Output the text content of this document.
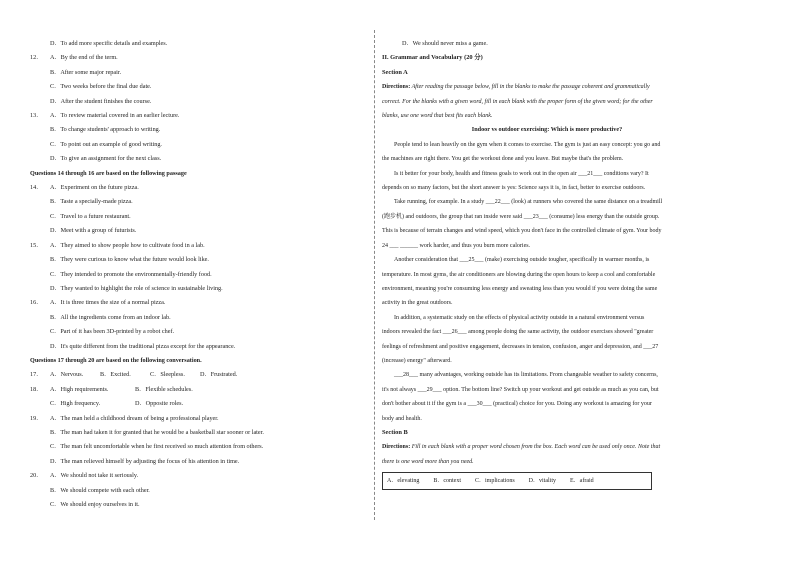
D．To add more specific details and examples.
12． A．By the end of the term.
B．After some major repair.
C．Two weeks before the final due date.
D．After the student finishes the course.
13． A．To review material covered in an earlier lecture.
B．To change students' approach to writing.
C．To point out an example of good writing.
D．To give an assignment for the next class.
Questions 14 through 16 are based on the following passage
14． A．Experiment on the future pizza.
B．Taste a specially-made pizza.
C．Travel to a future restaurant.
D．Meet with a group of futurists.
15． A．They aimed to show people how to cultivate food in a lab.
B．They were curious to know what the future would look like.
C．They intended to promote the environmentally-friendly food.
D．They wanted to highlight the role of science in sustainable living.
16． A．It is three times the size of a normal pizza.
B．All the ingredients come from an indoor lab.
C．Part of it has been 3D-printed by a robot chef.
D．It's quite different from the traditional pizza except for the appearance.
Questions 17 through 20 are based on the following conversation.
17． A．Nervous.	B．Excited.	C．Sleepless. D．Frustrated.
18． A．High requirements.	B．Flexible schedules.
C．High frequency.	D．Opposite roles.
19． A．The man held a childhood dream of being a professional player.
B．The man had taken it for granted that he would be a basketball star sooner or later.
C．The man felt uncomfortable when he first received so much attention from others.
D．The man relieved himself by adjusting the focus of his attention in time.
20． A．We should not take it seriously.
B．We should compete with each other.
C．We should enjoy ourselves in it.
D．We should never miss a game.
II. Grammar and Vocabulary (20 分)
Section A
Directions: After reading the passage below, fill in the blanks to make the passage coherent and grammatically
correct. For the blanks with a given word, fill in each blank with the proper form of the given word; for the other
blanks, use one word that best fits each blank.
Indoor vs outdoor exercising: Which is more productive?
People tend to lean heavily on the gym when it comes to exercise. The gym is just an easy concept: you go and
the machines are right there. You get the workout done and you leave. But maybe that's the problem.
Is it better for your body, health and fitness goals to work out in the open air ___21___ conditions vary? It
depends on so many factors, but the short answer is yes: Science says it is, in fact, better to exercise outdoors.
Take running, for example. In a study ___22___ (look) at runners who covered the same distance on a treadmill
(跑步机) and outdoors, the group that ran inside were said ___23___ (consume) less energy than the outside group.
This is because of terrain changes and wind speed, which you don't face in the controlled climate of gym. Your body
24 ___ ______ work harder, and thus you burn more calories.
Another consideration that ___25___ (make) exercising outside tougher, specifically in warmer months, is
temperature. In most gyms, the air conditioners are blowing during the open hours to keep a cool and comfortable
environment, meaning you're consuming less energy and sweating less than you would if you were doing the same
activity in the great outdoors.
In addition, a systematic study on the effects of physical activity outside in a natural environment versus
indoors revealed the fact ___26___ among people doing the same activity, the outdoor exercises showed "greater
feelings of refreshment and positive engagement, decreases in tension, confusion, anger and depression, and ___27
(increase) energy" afterward.
___28___ many advantages, working outside has its limitations. From changeable weather to safety concerns,
it's not always ___29___ option. The bottom line? Switch up your workout and get outside as much as you can, but
don't bother about it if the gym is a ___30___ (practical) choice for you. Doing any workout is amazing for your
body and health.
Section B
Directions: Fill in each blank with a proper word chosen from the box. Each word can be used only once. Note that
there is one word more than you need.
A．elevating B．context C．implications D．vitality E．afraid
